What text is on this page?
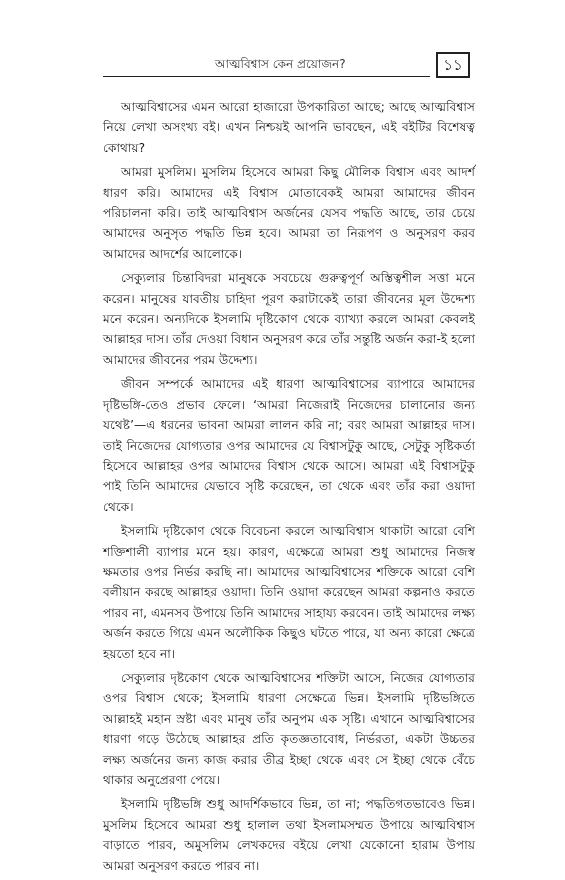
আত্মবিশ্বাস কেন প্রয়োজন?	১১

আত্মবিশ্বাসের এমন আরো হাজারো উপকারিতা আছে; আছে আত্মবিশ্বাস নিয়ে লেখা অসংখ্য বই। এখন নিশ্চয়ই আপনি ভাবছেন, এই বইটির বিশেষত্ব কোথায়?

আমরা মুসলিম। মুসলিম হিসেবে আমরা কিছু মৌলিক বিশ্বাস এবং আদর্শ ধারণ করি। আমাদের এই বিশ্বাস মোতাবেকই আমরা আমাদের জীবন পরিচালনা করি। তাই আত্মবিশ্বাস অর্জনের যেসব পদ্ধতি আছে, তার চেয়ে আমাদের অনুসৃত পদ্ধতি ভিন্ন হবে। আমরা তা নিরূপণ ও অনুসরণ করব আমাদের আদর্শের আলোকে।

সেক্যুলার চিন্তাবিদরা মানুষকে সবচেয়ে গুরুত্বপূর্ণ অস্তিত্বশীল সত্তা মনে করেন। মানুষের যাবতীয় চাহিদা পূরণ করাটাকেই তারা জীবনের মূল উদ্দেশ্য মনে করেন। অন্যদিকে ইসলামি দৃষ্টিকোণ থেকে ব্যাখ্যা করলে আমরা কেবলই আল্লাহর দাস। তাঁর দেওয়া বিধান অনুসরণ করে তাঁর সন্তুষ্টি অর্জন করা-ই হলো আমাদের জীবনের পরম উদ্দেশ্য।

জীবন সম্পর্কে আমাদের এই ধারণা আত্মবিশ্বাসের ব্যাপারে আমাদের দৃষ্টিভঙ্গি-তেও প্রভাব ফেলে। ‘আমরা নিজেরাই নিজেদের চালানোর জন্য যথেষ্ট’—এ ধরনের ভাবনা আমরা লালন করি না; বরং আমরা আল্লাহর দাস। তাই নিজেদের যোগ্যতার ওপর আমাদের যে বিশ্বাসটুকু আছে, সেটুকু সৃষ্টিকর্তা হিসেবে আল্লাহর ওপর আমাদের বিশ্বাস থেকে আসে। আমরা এই বিশ্বাসটুকু পাই তিনি আমাদের যেভাবে সৃষ্টি করেছেন, তা থেকে এবং তাঁর করা ওয়াদা থেকে।

ইসলামি দৃষ্টিকোণ থেকে বিবেচনা করলে আত্মবিশ্বাস থাকাটা আরো বেশি শক্তিশালী ব্যাপার মনে হয়। কারণ, এক্ষেত্রে আমরা শুধু আমাদের নিজস্ব ক্ষমতার ওপর নির্ভর করছি না। আমাদের আত্মবিশ্বাসের শক্তিকে আরো বেশি বলীয়ান করছে আল্লাহর ওয়াদা। তিনি ওয়াদা করেছেন আমরা কল্পনাও করতে পারব না, এমনসব উপায়ে তিনি আমাদের সাহায্য করবেন। তাই আমাদের লক্ষ্য অর্জন করতে গিয়ে এমন অলৌকিক কিছুও ঘটতে পারে, যা অন্য কারো ক্ষেত্রে হয়তো হবে না।

সেক্যুলার দৃষ্টকোণ থেকে আত্মবিশ্বাসের শক্তিটা আসে, নিজের যোগ্যতার ওপর বিশ্বাস থেকে; ইসলামি ধারণা সেক্ষেত্রে ভিন্ন। ইসলামি দৃষ্টিভঙ্গিতে আল্লাহই মহান স্রষ্টা এবং মানুষ তাঁর অনুপম এক সৃষ্টি। এখানে আত্মবিশ্বাসের ধারণা গড়ে উঠেছে আল্লাহর প্রতি কৃতজ্ঞতাবোধ, নির্ভরতা, একটা উচ্চতর লক্ষ্য অর্জনের জন্য কাজ করার তীব্র ইচ্ছা থেকে এবং সে ইচ্ছা থেকে বেঁচে থাকার অনুপ্রেরণা পেয়ে।

ইসলামি দৃষ্টিভঙ্গি শুধু আদর্শিকভাবে ভিন্ন, তা না; পদ্ধতিগতভাবেও ভিন্ন। মুসলিম হিসেবে আমরা শুধু হালাল তথা ইসলামসম্মত উপায়ে আত্মবিশ্বাস বাড়াতে পারব, অমুসলিম লেখকদের বইয়ে লেখা যেকোনো হারাম উপায় আমরা অনুসরণ করতে পারব না।
